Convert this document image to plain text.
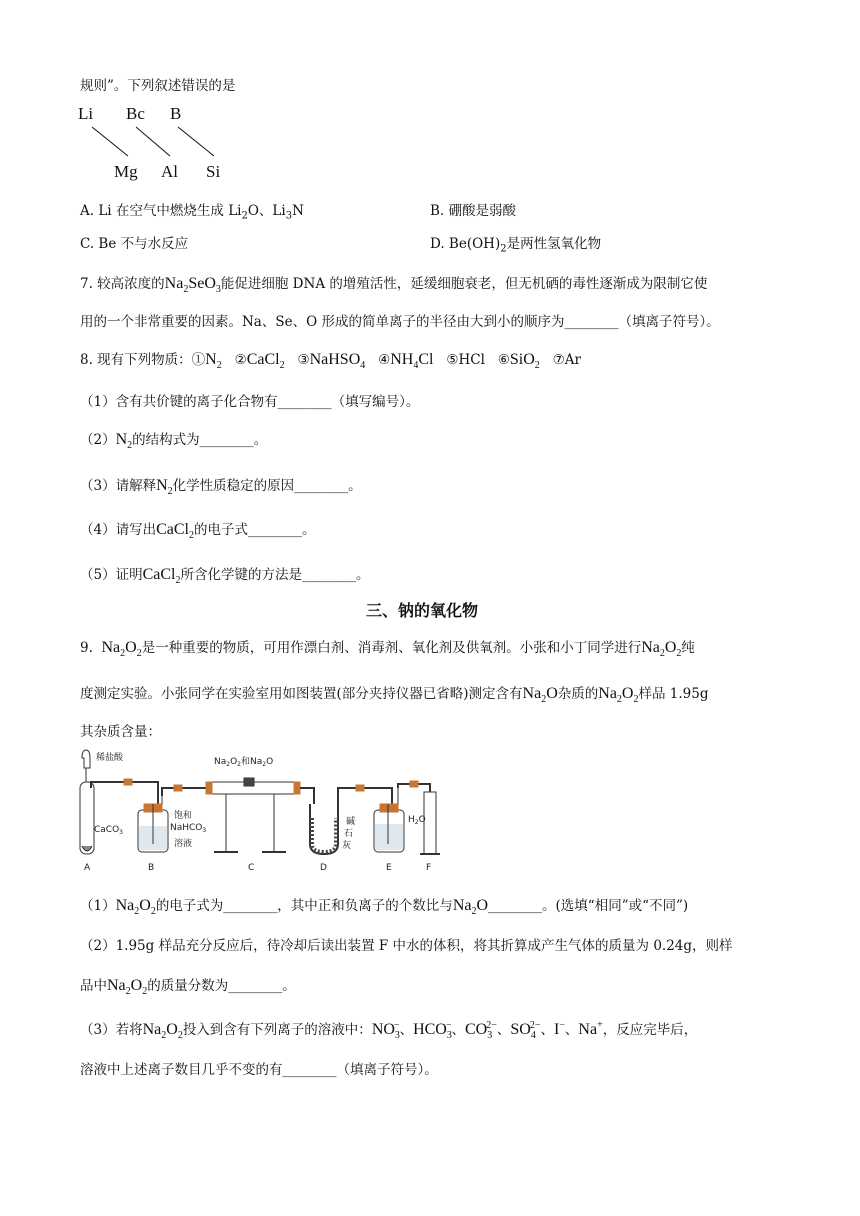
规则”。下列叙述错误的是
Li Bc B
Mg Al Si
A. Li 在空气中燃烧生成 $Li_2O$、$Li_3N$	B. 硼酸是弱酸
C. Be 不与水反应	D. $Be(OH)_2$是两性氢氧化物
7. 较高浓度的$Na_2SeO_3$能促进细胞 DNA 的增殖活性，延缓细胞衰老，但无机硒的毒性逐渐成为限制它使
用的一个非常重要的因素。Na、Se、O 形成的简单离子的半径由大到小的顺序为________（填离子符号）。
8. 现有下列物质：$①N_2$ ②CaCl$_2$ ③NaHSO$_4$ $④NH_4Cl$ ⑤HCl ⑥SiO$_2$ ⑦Ar
（1）含有共价键的离子化合物有________（填写编号）。
$(2)N_2$的结构式为________。
（3）请解释$N_2$化学性质稳定的原因________。
（4）请写出CaCl$_2$的电子式________。
（5）证明CaCl$_2$所含化学键的方法是________。
三、钠的氧化物
9. $Na_2O_2$是一种重要的物质，可用作漂白剂、消毒剂、氧化剂及供氧剂。小张和小丁同学进行$Na_2O_2$纯
度测定实验。小张同学在实验室用如图装置(部分夹持仪器已省略)测定含有$Na_2O$杂质的$Na_2O_2$样品 1.95g
其杂质含量：
稀盐酸
CaCO$_3$
饱和
NaHCO$_3$
溶液
$Na_2O_2$和$Na_2O$
碱
石
灰
$H_2O$
A	B	C	D	E	F
$(1)Na_2O_2$的电子式为________，其中正和负离子的个数比与$Na_2O\_\_\_\_\_\_\_\_$。(选填“相同”或“不同”)
（2）1.95g 样品充分反应后，待冷却后读出装置 F 中水的体积，将其折算成产生气体的质量为 0.24g，则样
品中$Na_2O_2$的质量分数为________。
（3）若将$Na_2O_2$投入到含有下列离子的溶液中：$NO_3^-$、$HCO_3^-$、$CO_3^{2-}$、$SO_4^{2-}$、I−、Na+，反应完毕后，
溶液中上述离子数目几乎不变的有________（填离子符号）。
